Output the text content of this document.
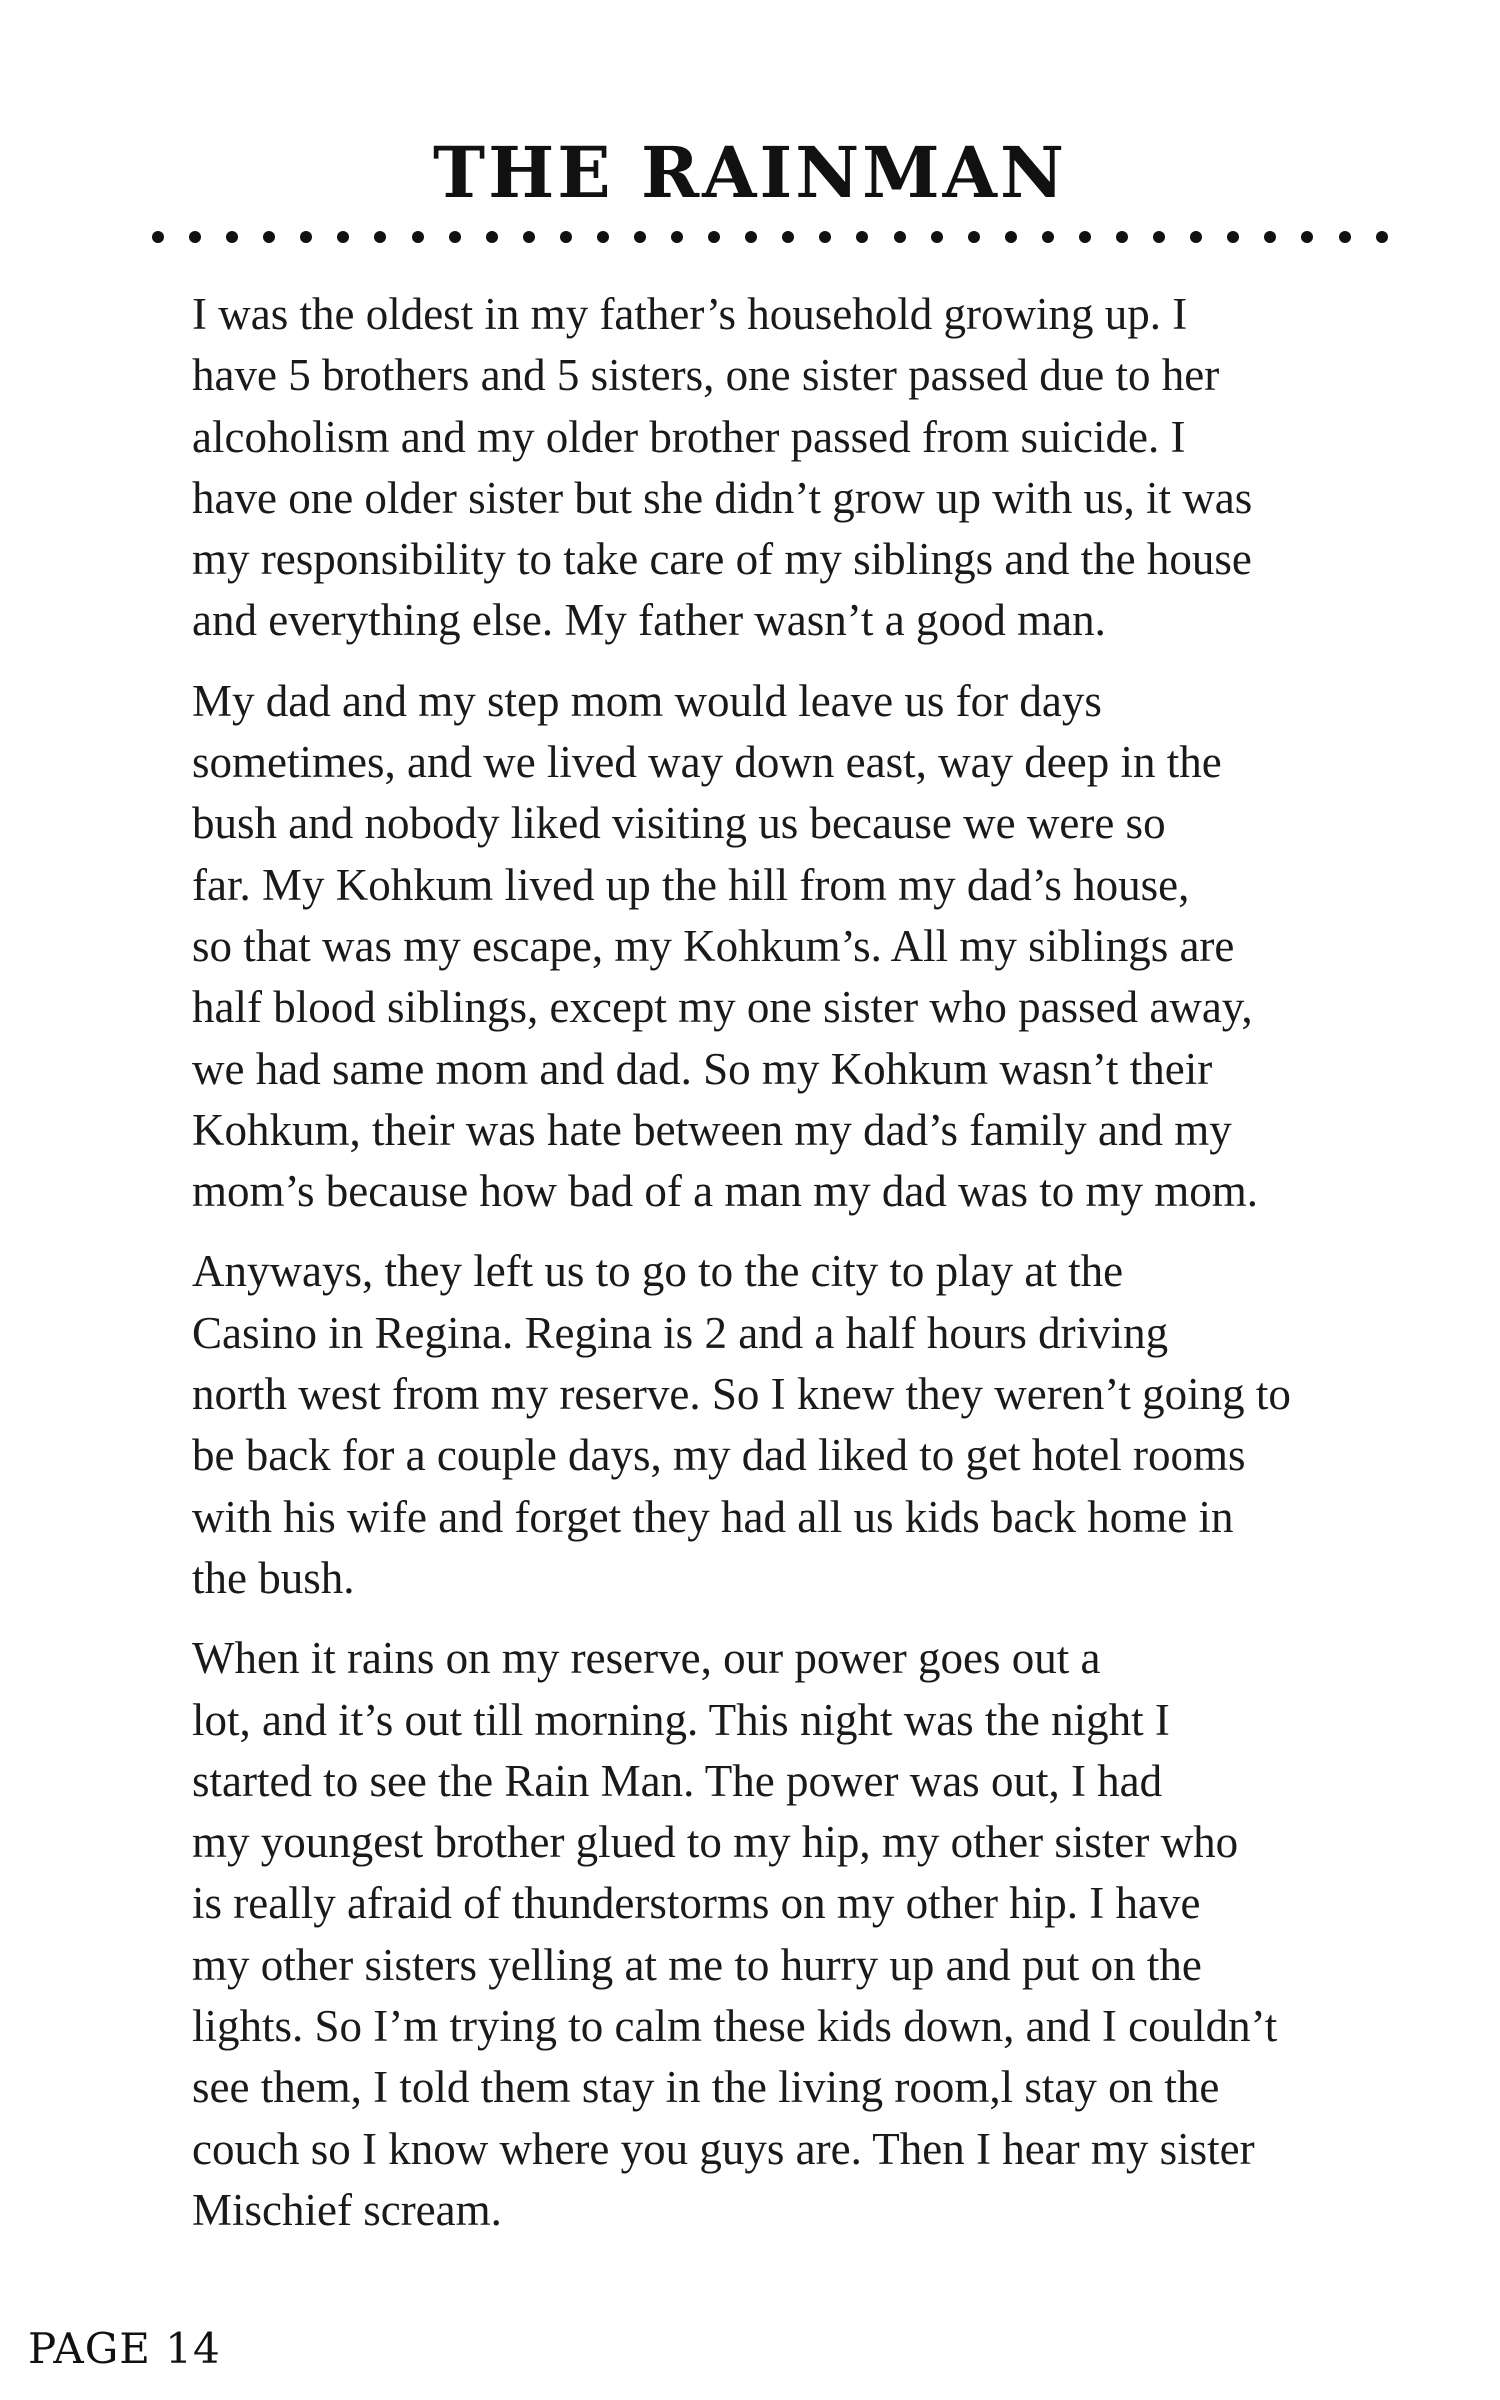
THE RAINMAN

I was the oldest in my father’s household growing up. I
have 5 brothers and 5 sisters, one sister passed due to her
alcoholism and my older brother passed from suicide. I
have one older sister but she didn’t grow up with us, it was
my responsibility to take care of my siblings and the house
and everything else. My father wasn’t a good man.

My dad and my step mom would leave us for days
sometimes, and we lived way down east, way deep in the
bush and nobody liked visiting us because we were so
far. My Kohkum lived up the hill from my dad’s house,
so that was my escape, my Kohkum’s. All my siblings are
half blood siblings, except my one sister who passed away,
we had same mom and dad. So my Kohkum wasn’t their
Kohkum, their was hate between my dad’s family and my
mom’s because how bad of a man my dad was to my mom.

Anyways, they left us to go to the city to play at the
Casino in Regina. Regina is 2 and a half hours driving
north west from my reserve. So I knew they weren’t going to
be back for a couple days, my dad liked to get hotel rooms
with his wife and forget they had all us kids back home in
the bush.

When it rains on my reserve, our power goes out a
lot, and it’s out till morning. This night was the night I
started to see the Rain Man. The power was out, I had
my youngest brother glued to my hip, my other sister who
is really afraid of thunderstorms on my other hip. I have
my other sisters yelling at me to hurry up and put on the
lights. So I’m trying to calm these kids down, and I couldn’t
see them, I told them stay in the living room,l stay on the
couch so I know where you guys are. Then I hear my sister
Mischief scream.

PAGE 14
